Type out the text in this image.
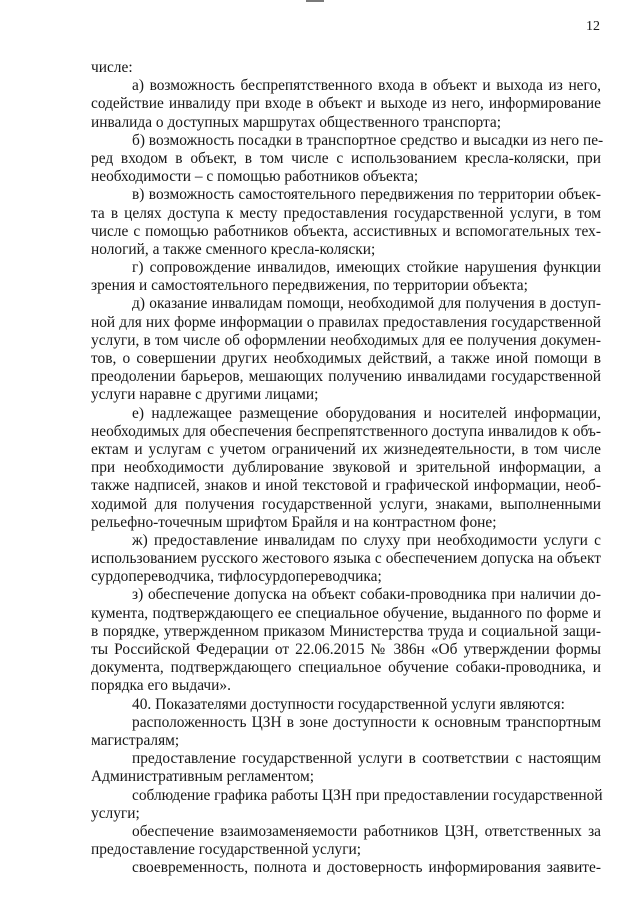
12
числе:
а) возможность беспрепятственного входа в объект и выхода из него,
содействие инвалиду при входе в объект и выходе из него, информирование
инвалида о доступных маршрутах общественного транспорта;
б) возможность посадки в транспортное средство и высадки из него пе-
ред входом в объект, в том числе с использованием кресла-коляски, при
необходимости – с помощью работников объекта;
в) возможность самостоятельного передвижения по территории объек-
та в целях доступа к месту предоставления государственной услуги, в том
числе с помощью работников объекта, ассистивных и вспомогательных тех-
нологий, а также сменного кресла-коляски;
г) сопровождение инвалидов, имеющих стойкие нарушения функции
зрения и самостоятельного передвижения, по территории объекта;
д) оказание инвалидам помощи, необходимой для получения в доступ-
ной для них форме информации о правилах предоставления государственной
услуги, в том числе об оформлении необходимых для ее получения докумен-
тов, о совершении других необходимых действий, а также иной помощи в
преодолении барьеров, мешающих получению инвалидами государственной
услуги наравне с другими лицами;
е) надлежащее размещение оборудования и носителей информации,
необходимых для обеспечения беспрепятственного доступа инвалидов к объ-
ектам и услугам с учетом ограничений их жизнедеятельности, в том числе
при необходимости дублирование звуковой и зрительной информации, а
также надписей, знаков и иной текстовой и графической информации, необ-
ходимой для получения государственной услуги, знаками, выполненными
рельефно-точечным шрифтом Брайля и на контрастном фоне;
ж) предоставление инвалидам по слуху при необходимости услуги с
использованием русского жестового языка с обеспечением допуска на объект
сурдопереводчика, тифлосурдопереводчика;
з) обеспечение допуска на объект собаки-проводника при наличии до-
кумента, подтверждающего ее специальное обучение, выданного по форме и
в порядке, утвержденном приказом Министерства труда и социальной защи-
ты Российской Федерации от 22.06.2015 № 386н «Об утверждении формы
документа, подтверждающего специальное обучение собаки-проводника, и
порядка его выдачи».
40. Показателями доступности государственной услуги являются:
расположенность ЦЗН в зоне доступности к основным транспортным
магистралям;
предоставление государственной услуги в соответствии с настоящим
Административным регламентом;
соблюдение графика работы ЦЗН при предоставлении государственной
услуги;
обеспечение взаимозаменяемости работников ЦЗН, ответственных за
предоставление государственной услуги;
своевременность, полнота и достоверность информирования заявите-
